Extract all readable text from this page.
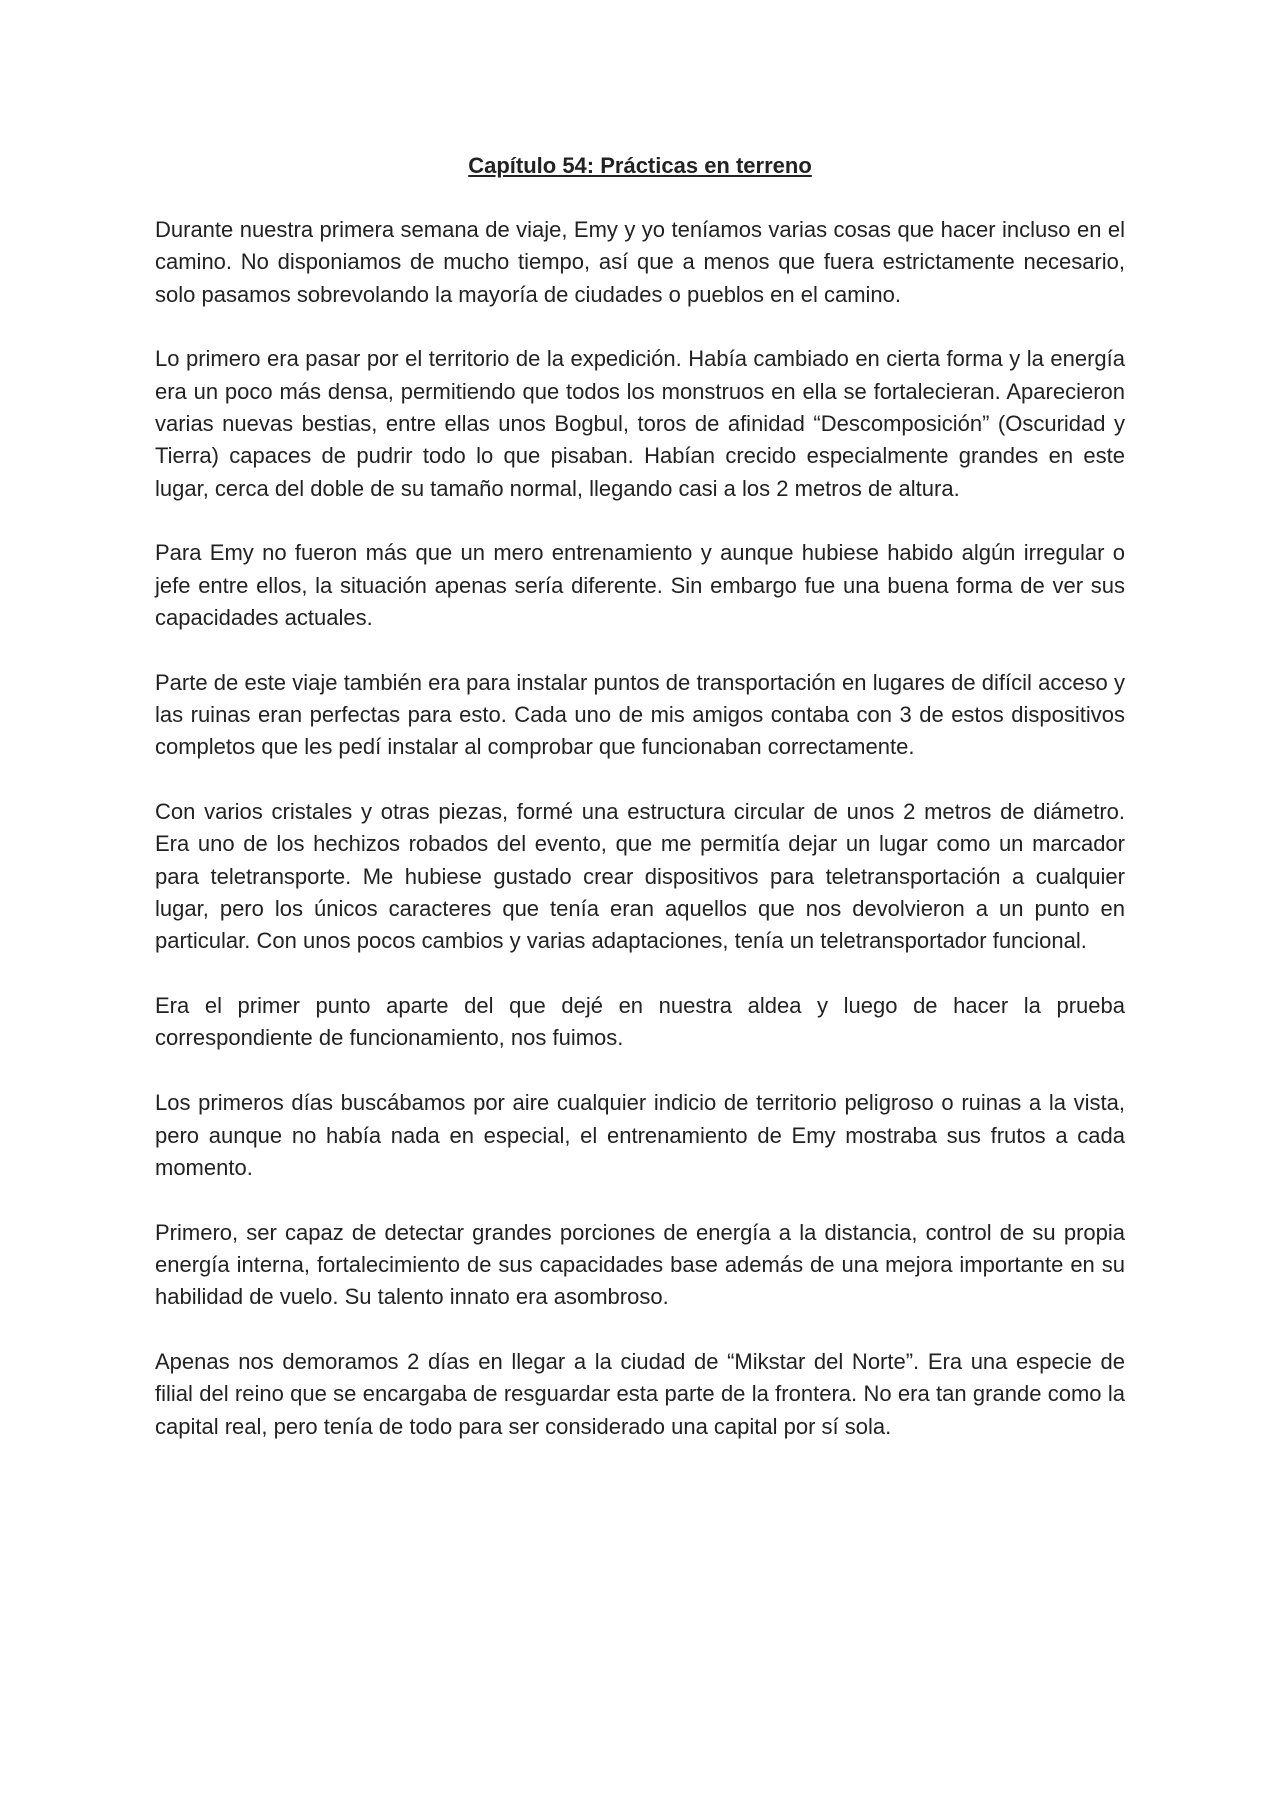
Capítulo 54: Prácticas en terreno

Durante nuestra primera semana de viaje, Emy y yo teníamos varias cosas que hacer incluso en el camino. No disponiamos de mucho tiempo, así que a menos que fuera estrictamente necesario, solo pasamos sobrevolando la mayoría de ciudades o pueblos en el camino.

Lo primero era pasar por el territorio de la expedición. Había cambiado en cierta forma y la energía era un poco más densa, permitiendo que todos los monstruos en ella se fortalecieran. Aparecieron varias nuevas bestias, entre ellas unos Bogbul, toros de afinidad “Descomposición” (Oscuridad y Tierra) capaces de pudrir todo lo que pisaban. Habían crecido especialmente grandes en este lugar, cerca del doble de su tamaño normal, llegando casi a los 2 metros de altura.

Para Emy no fueron más que un mero entrenamiento y aunque hubiese habido algún irregular o jefe entre ellos, la situación apenas sería diferente. Sin embargo fue una buena forma de ver sus capacidades actuales.

Parte de este viaje también era para instalar puntos de transportación en lugares de difícil acceso y las ruinas eran perfectas para esto. Cada uno de mis amigos contaba con 3 de estos dispositivos completos que les pedí instalar al comprobar que funcionaban correctamente.

Con varios cristales y otras piezas, formé una estructura circular de unos 2 metros de diámetro. Era uno de los hechizos robados del evento, que me permitía dejar un lugar como un marcador para teletransporte. Me hubiese gustado crear dispositivos para teletransportación a cualquier lugar, pero los únicos caracteres que tenía eran aquellos que nos devolvieron a un punto en particular. Con unos pocos cambios y varias adaptaciones, tenía un teletransportador funcional.

Era el primer punto aparte del que dejé en nuestra aldea y luego de hacer la prueba correspondiente de funcionamiento, nos fuimos.

Los primeros días buscábamos por aire cualquier indicio de territorio peligroso o ruinas a la vista, pero aunque no había nada en especial, el entrenamiento de Emy mostraba sus frutos a cada momento.

Primero, ser capaz de detectar grandes porciones de energía a la distancia, control de su propia energía interna, fortalecimiento de sus capacidades base además de una mejora importante en su habilidad de vuelo. Su talento innato era asombroso.

Apenas nos demoramos 2 días en llegar a la ciudad de “Mikstar del Norte”. Era una especie de filial del reino que se encargaba de resguardar esta parte de la frontera. No era tan grande como la capital real, pero tenía de todo para ser considerado una capital por sí sola.
